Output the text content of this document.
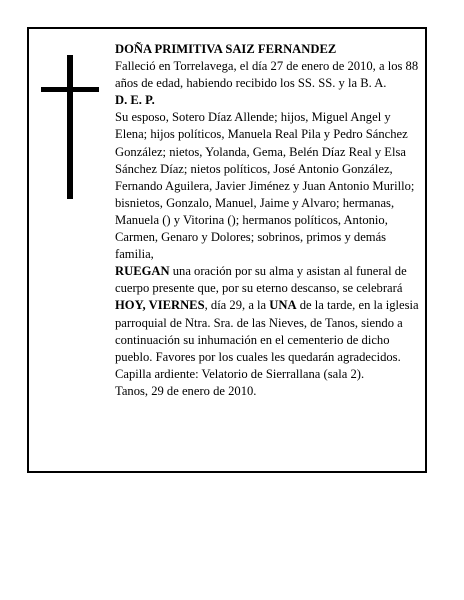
DOÑA PRIMITIVA SAIZ FERNANDEZ

Falleció en Torrelavega, el día 27 de enero de 2010, a los 88 años de edad, habiendo recibido los SS. SS. y la B. A.

D. E. P.

Su esposo, Sotero Díaz Allende; hijos, Miguel Angel y Elena; hijos políticos, Manuela Real Pila y Pedro Sánchez González; nietos, Yolanda, Gema, Belén Díaz Real y Elsa Sánchez Díaz; nietos políticos, José Antonio González, Fernando Aguilera, Javier Jiménez y Juan Antonio Murillo; bisnietos, Gonzalo, Manuel, Jaime y Alvaro; hermanas, Manuela () y Vitorina (); hermanos políticos, Antonio, Carmen, Genaro y Dolores; sobrinos, primos y demás familia,

RUEGAN una oración por su alma y asistan al funeral de cuerpo presente que, por su eterno descanso, se celebrará HOY, VIERNES, día 29, a la UNA de la tarde, en la iglesia parroquial de Ntra. Sra. de las Nieves, de Tanos, siendo a continuación su inhumación en el cementerio de dicho pueblo. Favores por los cuales les quedarán agradecidos. Capilla ardiente: Velatorio de Sierrallana (sala 2).

Tanos, 29 de enero de 2010.
